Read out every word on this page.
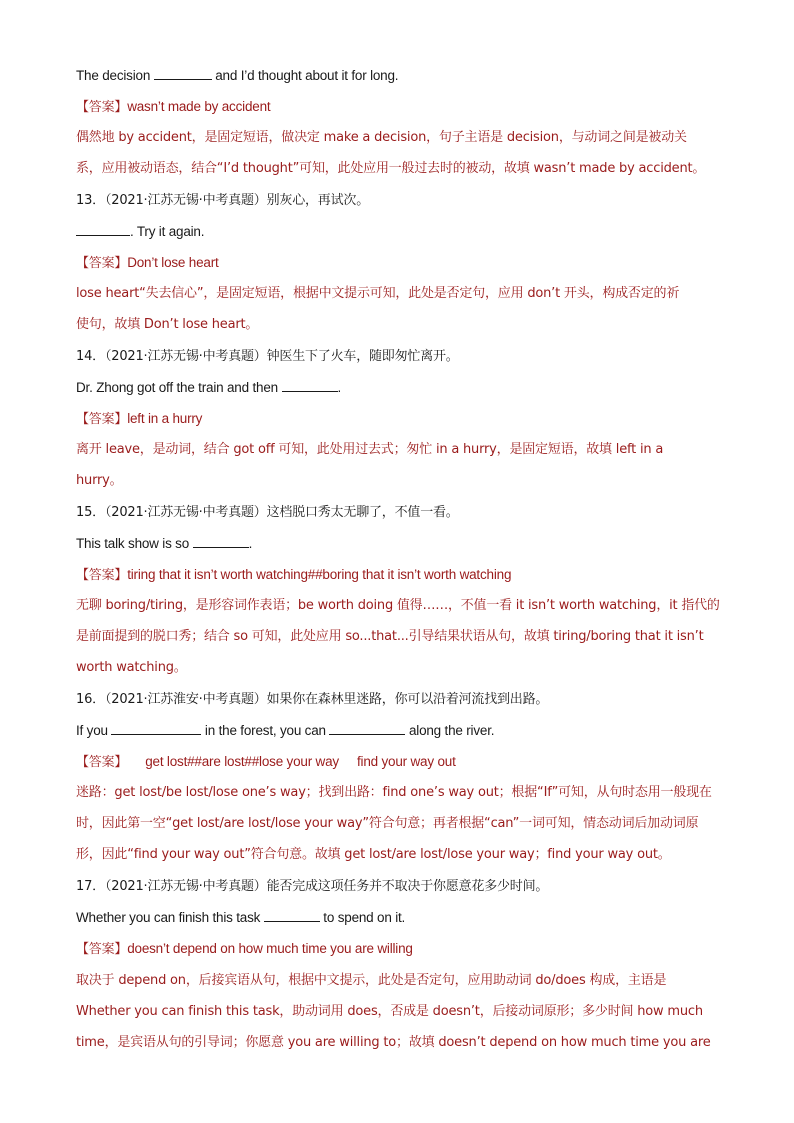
The decision	and I’d thought about it for long.
【答案】wasn’t made by accident
偶然地 by accident，是固定短语，做决定 make a decision，句子主语是 decision，与动词之间是被动关
系，应用被动语态，结合“I’d thought”可知，此处应用一般过去时的被动，故填 wasn’t made by accident。
13．（2021·江苏无锡·中考真题）别灰心，再试次。
. Try it again.
【答案】Don’t lose heart
lose heart“失去信心”，是固定短语，根据中文提示可知，此处是否定句，应用 don’t 开头，构成否定的祈
使句，故填 Don’t lose heart。
14．（2021·江苏无锡·中考真题）钟医生下了火车，随即匆忙离开。
Dr. Zhong got off the train and then	.
【答案】left in a hurry
离开 leave，是动词，结合 got off 可知，此处用过去式；匆忙 in a hurry，是固定短语，故填 left in a
hurry。
15．（2021·江苏无锡·中考真题）这档脱口秀太无聊了，不值一看。
This talk show is so	.
【答案】tiring that it isn’t worth watching##boring that it isn’t worth watching
无聊 boring/tiring，是形容词作表语；be worth doing 值得……，不值一看 it isn’t worth watching，it 指代的
是前面提到的脱口秀；结合 so 可知，此处应用 so...that...引导结果状语从句，故填 tiring/boring that it isn’t
worth watching。
16．（2021·江苏淮安·中考真题）如果你在森林里迷路，你可以沿着河流找到出路。
If you	in the forest, you can	along the river.
【答案】 get lost##are lost##lose your way find your way out
迷路：get lost/be lost/lose one’s way；找到出路：find one’s way out；根据“If”可知，从句时态用一般现在
时，因此第一空“get lost/are lost/lose your way”符合句意；再者根据“can”一词可知，情态动词后加动词原
形，因此“find your way out”符合句意。故填 get lost/are lost/lose your way；find your way out。
17．（2021·江苏无锡·中考真题）能否完成这项任务并不取决于你愿意花多少时间。
Whether you can finish this task	to spend on it.
【答案】doesn’t depend on how much time you are willing
取决于 depend on，后接宾语从句，根据中文提示，此处是否定句，应用助动词 do/does 构成，主语是
Whether you can finish this task，助动词用 does，否成是 doesn’t，后接动词原形；多少时间 how much
time，是宾语从句的引导词；你愿意 you are willing to；故填 doesn’t depend on how much time you are
